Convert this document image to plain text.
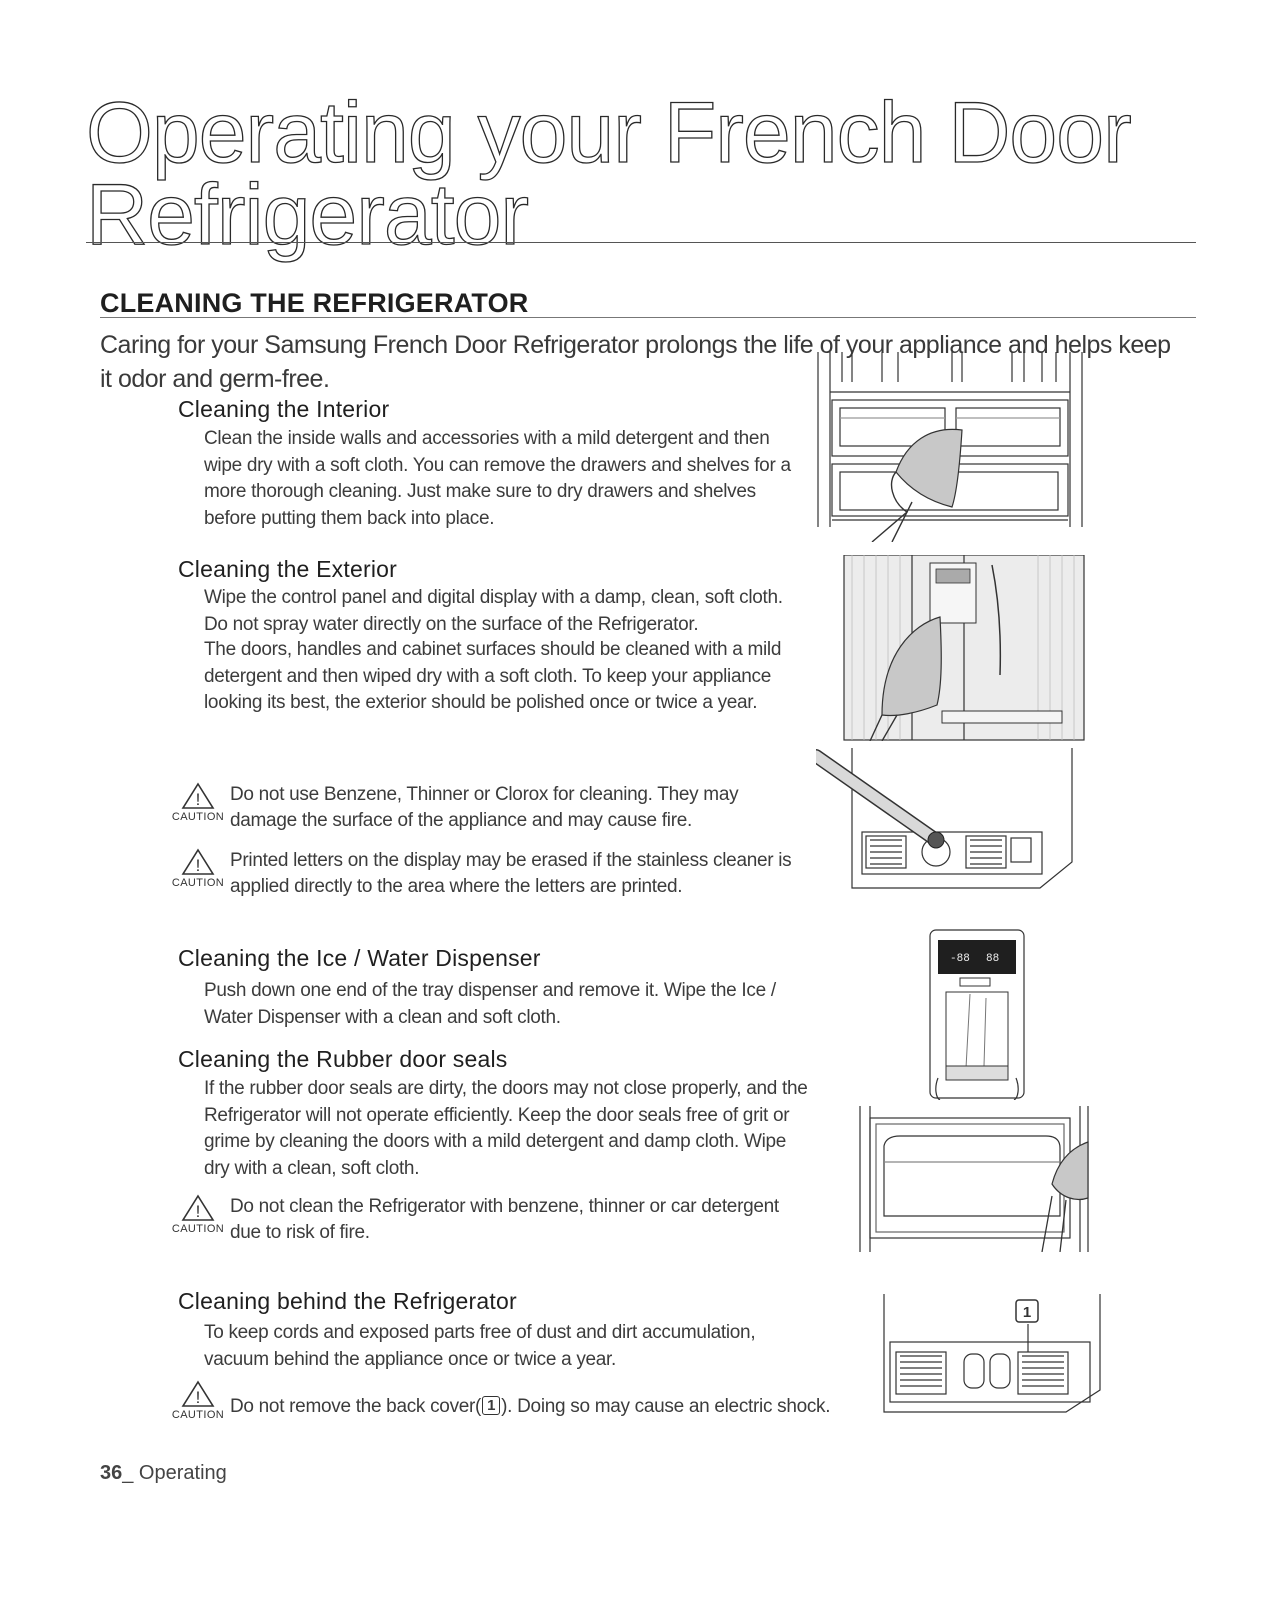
Operating your French Door
Refrigerator
CLEANING THE REFRIGERATOR

Caring for your Samsung French Door Refrigerator prolongs the life of your appliance and helps keep it odor and germ-free.

Cleaning the Interior

Clean the inside walls and accessories with a mild detergent and then wipe dry with a soft cloth. You can remove the drawers and shelves for a more thorough cleaning. Just make sure to dry drawers and shelves before putting them back into place.

Cleaning the Exterior

Wipe the control panel and digital display with a damp, clean, soft cloth. Do not spray water directly on the surface of the Refrigerator.

The doors, handles and cabinet surfaces should be cleaned with a mild detergent and then wiped dry with a soft cloth. To keep your appliance looking its best, the exterior should be polished once or twice a year.

!
CAUTION
Do not use Benzene, Thinner or Clorox for cleaning. They may damage the surface of the appliance and may cause fire.
!
CAUTION
Printed letters on the display may be erased if the stainless cleaner is applied directly to the area where the letters are printed.
Cleaning the Ice / Water Dispenser

Push down one end of the tray dispenser and remove it. Wipe the Ice / Water Dispenser with a clean and soft cloth.

Cleaning the Rubber door seals

If the rubber door seals are dirty, the doors may not close properly, and the Refrigerator will not operate efficiently. Keep the door seals free of grit or grime by cleaning the doors with a mild detergent and damp cloth. Wipe dry with a clean, soft cloth.

!
CAUTION
Do not clean the Refrigerator with benzene, thinner or car detergent due to risk of fire.
Cleaning behind the Refrigerator

To keep cords and exposed parts free of dust and dirt accumulation, vacuum behind the appliance once or twice a year.

!
CAUTION Do not remove the back cover( 1 ). Doing so may cause an electric shock.
36_ Operating
-88 88
1
